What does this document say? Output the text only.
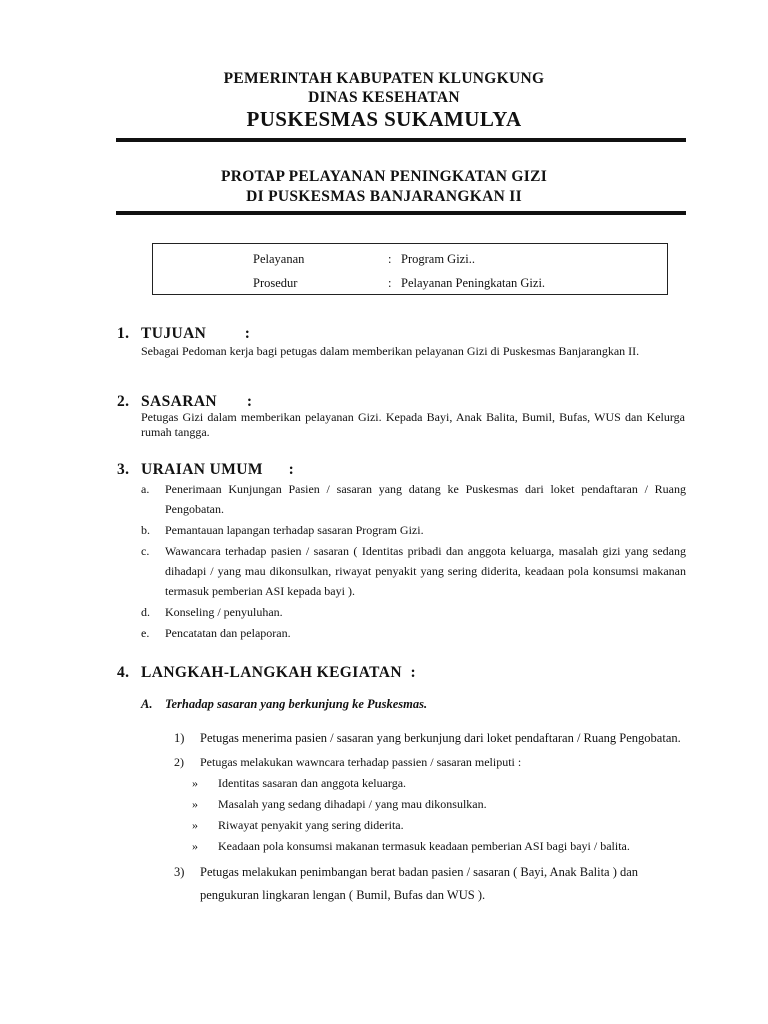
PEMERINTAH KABUPATEN KLUNGKUNG
DINAS KESEHATAN
PUSKESMAS SUKAMULYA
PROTAP PELAYANAN PENINGKATAN GIZI
DI PUSKESMAS BANJARANGKAN II
Pelayanan	: Program Gizi..
Prosedur	: Pelayanan Peningkatan Gizi.
1. TUJUAN         :
Sebagai Pedoman kerja bagi petugas dalam memberikan pelayanan Gizi di Puskesmas Banjarangkan II.
2. SASARAN       :
Petugas Gizi dalam memberikan pelayanan Gizi. Kepada Bayi, Anak Balita, Bumil, Bufas, WUS dan Kelurga rumah tangga.
3. URAIAN UMUM      :
a. Penerimaan Kunjungan Pasien / sasaran yang datang ke Puskesmas dari loket pendaftaran / Ruang Pengobatan.
b. Pemantauan lapangan terhadap sasaran Program Gizi.
c. Wawancara terhadap pasien / sasaran ( Identitas pribadi dan anggota keluarga, masalah gizi yang sedang dihadapi / yang mau dikonsulkan, riwayat penyakit yang sering diderita, keadaan pola konsumsi makanan termasuk pemberian ASI kepada bayi ).
d. Konseling / penyuluhan.
e. Pencatatan dan pelaporan.
4. LANGKAH-LANGKAH KEGIATAN  :
A. Terhadap sasaran yang berkunjung ke Puskesmas.
1) Petugas menerima pasien / sasaran yang berkunjung dari loket pendaftaran / Ruang Pengobatan.
2) Petugas melakukan wawncara terhadap passien / sasaran meliputi :
» Identitas sasaran dan anggota keluarga.
» Masalah yang sedang dihadapi / yang mau dikonsulkan.
» Riwayat penyakit yang sering diderita.
» Keadaan pola konsumsi makanan termasuk keadaan pemberian ASI bagi bayi / balita.
3) Petugas melakukan penimbangan berat badan pasien / sasaran ( Bayi, Anak Balita ) dan pengukuran lingkaran lengan ( Bumil, Bufas dan WUS ).
